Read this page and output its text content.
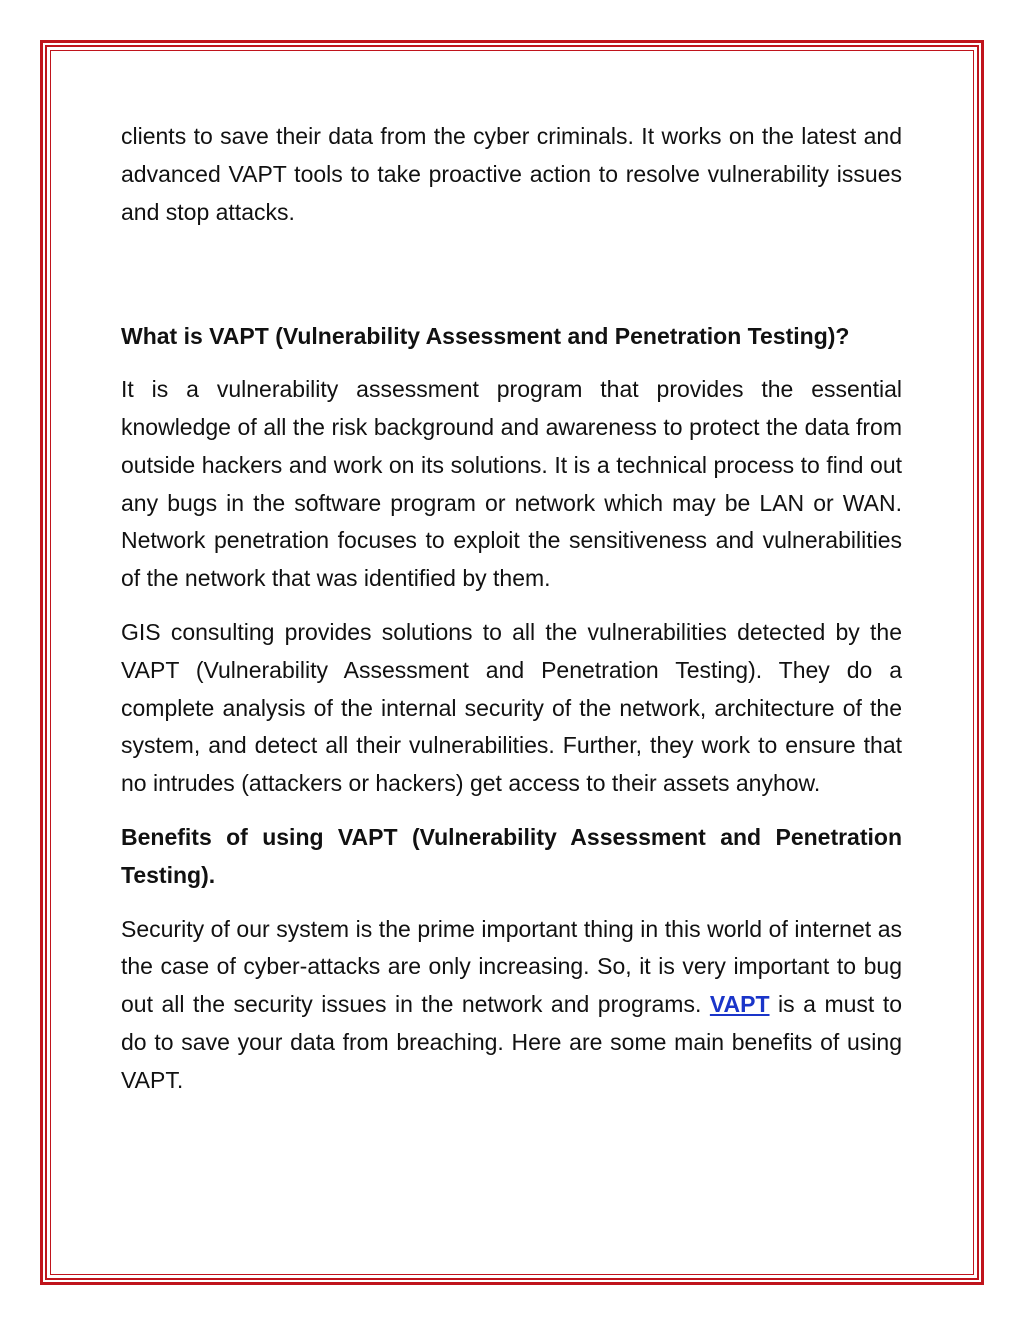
clients to save their data from the cyber criminals. It works on the latest and advanced VAPT tools to take proactive action to resolve vulnerability issues and stop attacks.

What is VAPT (Vulnerability Assessment and Penetration Testing)?

It is a vulnerability assessment program that provides the essential knowledge of all the risk background and awareness to protect the data from outside hackers and work on its solutions. It is a technical process to find out any bugs in the software program or network which may be LAN or WAN. Network penetration focuses to exploit the sensitiveness and vulnerabilities of the network that was identified by them.

GIS consulting provides solutions to all the vulnerabilities detected by the VAPT (Vulnerability Assessment and Penetration Testing). They do a complete analysis of the internal security of the network, architecture of the system, and detect all their vulnerabilities. Further, they work to ensure that no intrudes (attackers or hackers) get access to their assets anyhow.

Benefits of using VAPT (Vulnerability Assessment and Penetration Testing).

Security of our system is the prime important thing in this world of internet as the case of cyber-attacks are only increasing. So, it is very important to bug out all the security issues in the network and programs. VAPT is a must to do to save your data from breaching. Here are some main benefits of using VAPT.
